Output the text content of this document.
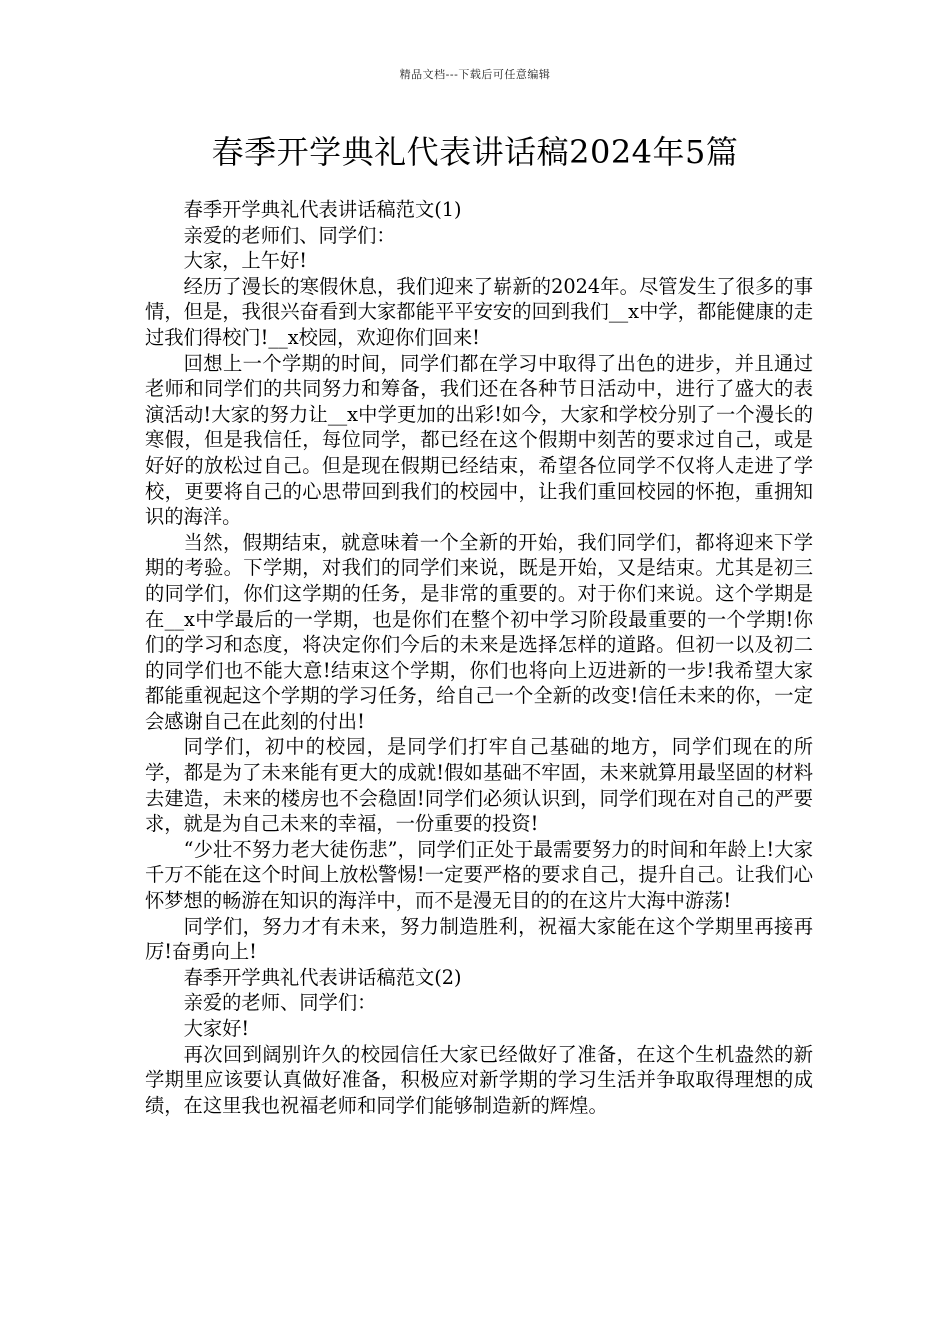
精品文档---下载后可任意编辑
春季开学典礼代表讲话稿2024年5篇

春季开学典礼代表讲话稿范文(1)

亲爱的老师们、同学们：

大家，上午好!

经历了漫长的寒假休息，我们迎来了崭新的2024年。尽管发生了很多的事情，但是，我很兴奋看到大家都能平平安安的回到我们__x中学，都能健康的走过我们得校门!__x校园，欢迎你们回来!

回想上一个学期的时间，同学们都在学习中取得了出色的进步，并且通过老师和同学们的共同努力和筹备，我们还在各种节日活动中，进行了盛大的表演活动!大家的努力让__x中学更加的出彩!如今，大家和学校分别了一个漫长的寒假，但是我信任，每位同学，都已经在这个假期中刻苦的要求过自己，或是好好的放松过自己。但是现在假期已经结束，希望各位同学不仅将人走进了学校，更要将自己的心思带回到我们的校园中，让我们重回校园的怀抱，重拥知识的海洋。

当然，假期结束，就意味着一个全新的开始，我们同学们，都将迎来下学期的考验。下学期，对我们的同学们来说，既是开始，又是结束。尤其是初三的同学们，你们这学期的任务，是非常的重要的。对于你们来说。这个学期是在__x中学最后的一学期，也是你们在整个初中学习阶段最重要的一个学期!你们的学习和态度，将决定你们今后的未来是选择怎样的道路。但初一以及初二的同学们也不能大意!结束这个学期，你们也将向上迈进新的一步!我希望大家都能重视起这个学期的学习任务，给自己一个全新的改变!信任未来的你，一定会感谢自己在此刻的付出!

同学们，初中的校园，是同学们打牢自己基础的地方，同学们现在的所学，都是为了未来能有更大的成就!假如基础不牢固，未来就算用最坚固的材料去建造，未来的楼房也不会稳固!同学们必须认识到，同学们现在对自己的严要求，就是为自己未来的幸福，一份重要的投资!

“少壮不努力老大徒伤悲”，同学们正处于最需要努力的时间和年龄上!大家千万不能在这个时间上放松警惕!一定要严格的要求自己，提升自己。让我们心怀梦想的畅游在知识的海洋中，而不是漫无目的的在这片大海中游荡!

同学们，努力才有未来，努力制造胜利，祝福大家能在这个学期里再接再厉!奋勇向上!

春季开学典礼代表讲话稿范文(2)

亲爱的老师、同学们：

大家好!

再次回到阔别许久的校园信任大家已经做好了准备，在这个生机盎然的新学期里应该要认真做好准备，积极应对新学期的学习生活并争取取得理想的成绩，在这里我也祝福老师和同学们能够制造新的辉煌。
